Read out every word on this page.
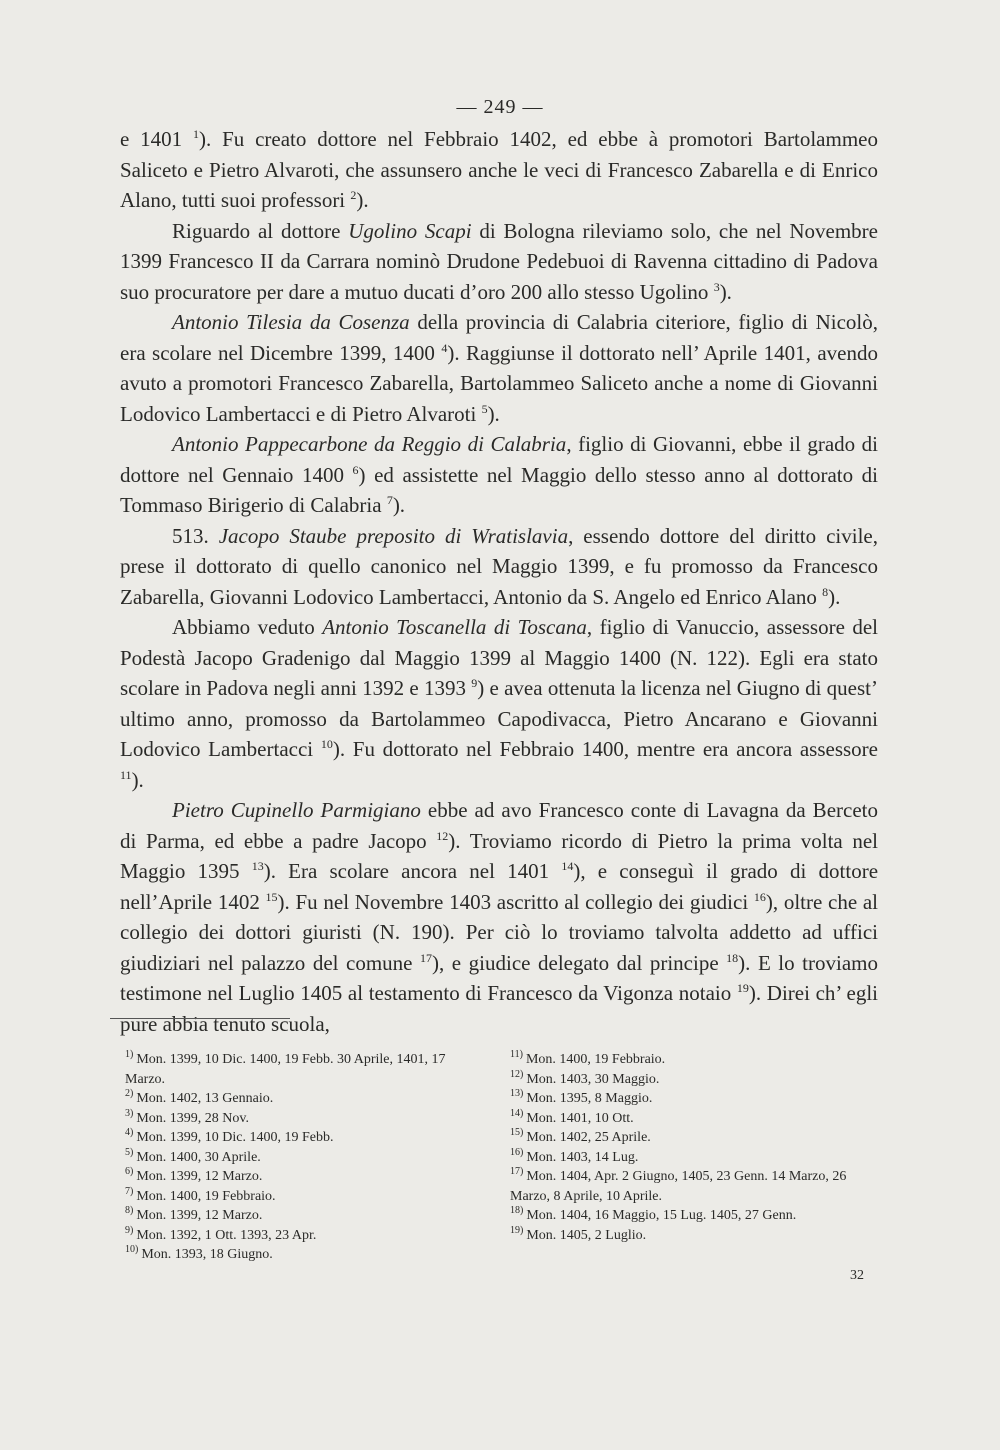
— 249 —

e 1401 $^1$). Fu creato dottore nel Febbraio 1402, ed ebbe à promotori Bartolammeo Saliceto e Pietro Alvaroti, che assunsero anche le veci di Francesco Zabarella e di Enrico Alano, tutti suoi professori $^2$).

Riguardo al dottore Ugolino Scapi di Bologna rileviamo solo, che nel Novembre 1399 Francesco II da Carrara nominò Drudone Pedebuoi di Ravenna cittadino di Padova suo procuratore per dare a mutuo ducati d’oro 200 allo stesso Ugolino $^3$).

Antonio Tilesia da Cosenza della provincia di Calabria citeriore, figlio di Nicolò, era scolare nel Dicembre 1399, 1400 $^4$). Raggiunse il dottorato nell’ Aprile 1401, avendo avuto a promotori Francesco Zabarella, Bartolammeo Saliceto anche a nome di Giovanni Lodovico Lambertacci e di Pietro Alvaroti $^5$).

Antonio Pappecarbone da Reggio di Calabria, figlio di Giovanni, ebbe il grado di dottore nel Gennaio 1400 $^6$) ed assistette nel Maggio dello stesso anno al dottorato di Tommaso Birigerio di Calabria $^7$).

513. Jacopo Staube preposito di Wratislavia, essendo dottore del diritto civile, prese il dottorato di quello canonico nel Maggio 1399, e fu promosso da Francesco Zabarella, Giovanni Lodovico Lambertacci, Antonio da S. Angelo ed Enrico Alano $^8$).

Abbiamo veduto Antonio Toscanella di Toscana, figlio di Vanuccio, assessore del Podestà Jacopo Gradenigo dal Maggio 1399 al Maggio 1400 (N. 122). Egli era stato scolare in Padova negli anni 1392 e 1393 $^9$) e avea ottenuta la licenza nel Giugno di quest’ ultimo anno, promosso da Bartolammeo Capodivacca, Pietro Ancarano e Giovanni Lodovico Lambertacci $^{10}$). Fu dottorato nel Febbraio 1400, mentre era ancora assessore $^{11}$).

Pietro Cupinello Parmigiano ebbe ad avo Francesco conte di Lavagna da Berceto di Parma, ed ebbe a padre Jacopo $^{12}$). Troviamo ricordo di Pietro la prima volta nel Maggio 1395 $^{13}$). Era scolare ancora nel 1401 $^{14}$), e conseguì il grado di dottore nell’Aprile 1402 $^{15}$). Fu nel Novembre 1403 ascritto al collegio dei giudici $^{16}$), oltre che al collegio dei dottori giuristi (N. 190). Per ciò lo troviamo talvolta addetto ad uffici giudiziari nel palazzo del comune $^{17}$), e giudice delegato dal principe $^{18}$). E lo troviamo testimone nel Luglio 1405 al testamento di Francesco da Vigonza notaio $^{19}$). Direi ch’ egli pure abbia tenuto scuola,

$^{1)}$ Mon. 1399, 10 Dic. 1400, 19 Febb. 30 Aprile, 1401, 17 Marzo.

$^{2)}$ Mon. 1402, 13 Gennaio.

$^{3)}$ Mon. 1399, 28 Nov.

$^{4)}$ Mon. 1399, 10 Dic. 1400, 19 Febb.

$^{5)}$ Mon. 1400, 30 Aprile.

$^{6)}$ Mon. 1399, 12 Marzo.

$^{7)}$ Mon. 1400, 19 Febbraio.

$^{8)}$ Mon. 1399, 12 Marzo.

$^{9)}$ Mon. 1392, 1 Ott. 1393, 23 Apr.

$^{10)}$ Mon. 1393, 18 Giugno.

$^{11)}$ Mon. 1400, 19 Febbraio.

$^{12)}$ Mon. 1403, 30 Maggio.

$^{13)}$ Mon. 1395, 8 Maggio.

$^{14)}$ Mon. 1401, 10 Ott.

$^{15)}$ Mon. 1402, 25 Aprile.

$^{16)}$ Mon. 1403, 14 Lug.

$^{17)}$ Mon. 1404, Apr. 2 Giugno, 1405, 23 Genn. 14 Marzo, 26 Marzo, 8 Aprile, 10 Aprile.

$^{18)}$ Mon. 1404, 16 Maggio, 15 Lug. 1405, 27 Genn.

$^{19)}$ Mon. 1405, 2 Luglio.

32
